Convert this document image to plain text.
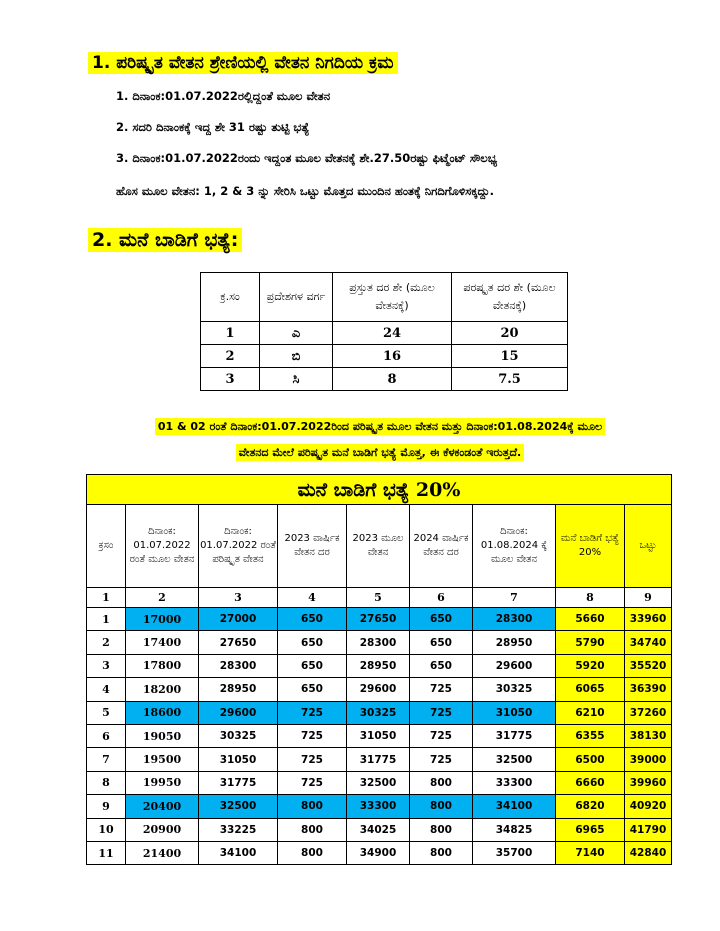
1. ಪರಿಷ್ಕೃತ ವೇತನ ಶ್ರೇಣಿಯಲ್ಲಿ ವೇತನ ನಿಗದಿಯ ಕ್ರಮ
1. ದಿನಾಂಕ:01.07.2022ರಲ್ಲಿದ್ದಂತೆ ಮೂಲ ವೇತನ
2. ಸದರಿ ದಿನಾಂಕಕ್ಕೆ ಇದ್ದ ಶೇ 31 ರಷ್ಟು ತುಟ್ಟಿ ಭತ್ಯೆ
3. ದಿನಾಂಕ:01.07.2022ರಂದು ಇದ್ದಂತ ಮೂಲ ವೇತನಕ್ಕೆ ಶೇ.27.50ರಷ್ಟು ಫಿಟ್ಮೆಂಟ್ ಸೌಲಭ್ಯ
ಹೊಸ ಮೂಲ ವೇತನ: 1, 2 & 3 ನ್ನು ಸೇರಿಸಿ ಒಟ್ಟು ಮೊತ್ತದ ಮುಂದಿನ ಹಂತಕ್ಕೆ ನಿಗದಿಗೊಳಿಸಕ್ಕದ್ದು.
2. ಮನೆ ಬಾಡಿಗೆ ಭತ್ಯೆ:
ಕ್ರ.ಸಂ	ಪ್ರದೇಶಗಳ ವರ್ಗ	ಪ್ರಸ್ತುತ ದರ ಶೇ (ಮೂಲ ವೇತನಕ್ಕೆ)	ಪರಷ್ಕೃತ ದರ ಶೇ (ಮೂಲ ವೇತನಕ್ಕೆ)
1	ಎ	24	20
2	ಬಿ	16	15
3	ಸಿ	8	7.5
01 & 02 ರಂತೆ ದಿನಾಂಕ:01.07.2022ರಿಂದ ಪರಿಷ್ಕೃತ ಮೂಲ ವೇತನ ಮತ್ತು ದಿನಾಂಕ:01.08.2024ಕ್ಕೆ ಮೂಲ
ವೇತನದ ಮೇಲೆ ಪರಿಷ್ಕೃತ ಮನೆ ಬಾಡಿಗೆ ಭತ್ಯೆ ಮೊತ್ತ, ಈ ಕೆಳಕಂಡಂತೆ ಇರುತ್ತದೆ.
ಮನೆ ಬಾಡಿಗೆ ಭತ್ಯೆ 20%								
ಕ್ರಸಂ	ದಿನಾಂಕ: 01.07.2022 ರಂತೆ ಮೂಲ ವೇತನ	ದಿನಾಂಕ: 01.07.2022 ರಂತೆ ಪರಿಷ್ಕೃತ ವೇತನ	2023 ವಾರ್ಷಿಕ ವೇತನ ದರ	2023 ಮೂಲ ವೇತನ	2024 ವಾರ್ಷಿಕ ವೇತನ ದರ	ದಿನಾಂಕ: 01.08.2024 ಕ್ಕೆ ಮೂಲ ವೇತನ	ಮನೆ ಬಾಡಿಗೆ ಭತ್ಯೆ 20%	ಒಟ್ಟು
1	2	3	4	5	6	7	8	9
1	17000	27000	650	27650	650	28300	5660	33960
2	17400	27650	650	28300	650	28950	5790	34740
3	17800	28300	650	28950	650	29600	5920	35520
4	18200	28950	650	29600	725	30325	6065	36390
5	18600	29600	725	30325	725	31050	6210	37260
6	19050	30325	725	31050	725	31775	6355	38130
7	19500	31050	725	31775	725	32500	6500	39000
8	19950	31775	725	32500	800	33300	6660	39960
9	20400	32500	800	33300	800	34100	6820	40920
10	20900	33225	800	34025	800	34825	6965	41790
11	21400	34100	800	34900	800	35700	7140	42840
